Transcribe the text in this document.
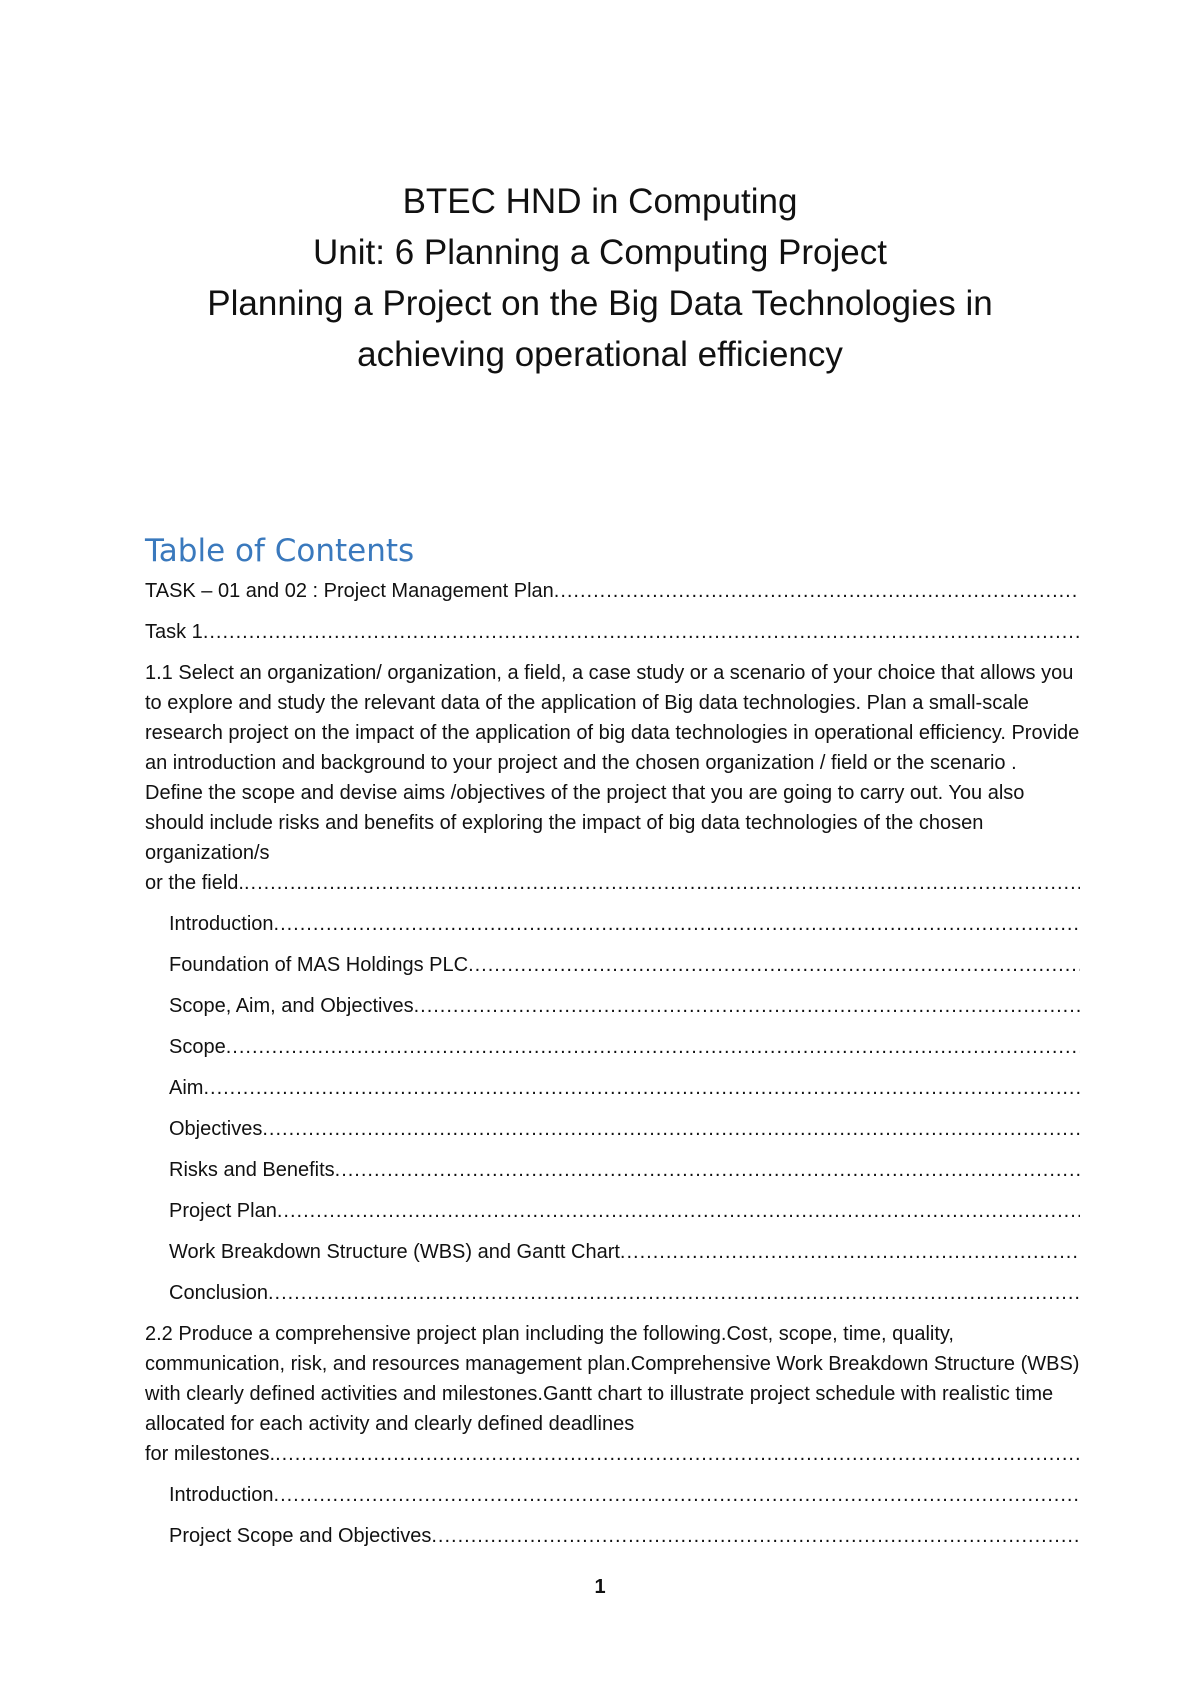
BTEC HND in Computing
Unit: 6 Planning a Computing Project
Planning a Project on the Big Data Technologies in
achieving operational efficiency
Table of Contents
TASK – 01 and 02 : Project Management Plan
.....
Task 1
.....
1.1 Select an organization/ organization, a field, a case study or a scenario of your choice that allows you to explore and study the relevant data of the application of Big data technologies. Plan a small-scale research project on the impact of the application of big data technologies in operational efficiency. Provide an introduction and background to your project and the chosen organization / field or the scenario . Define the scope and devise aims /objectives of the project that you are going to carry out. You also should include risks and benefits of exploring the impact of big data technologies of the chosen organization/s
or the field.
.....
Introduction
.....
Foundation of MAS Holdings PLC
.....
Scope, Aim, and Objectives
.....
Scope
.....
Aim
.....
Objectives
.....
Risks and Benefits
.....
Project Plan
.....
Work Breakdown Structure (WBS) and Gantt Chart
.....
Conclusion
.....
2.2 Produce a comprehensive project plan including the following.Cost, scope, time, quality, communication, risk, and resources management plan.Comprehensive Work Breakdown Structure (WBS) with clearly defined activities and milestones.Gantt chart to illustrate project schedule with realistic time allocated for each activity and clearly defined deadlines
for milestones.
.....
Introduction
.....
Project Scope and Objectives
.....
1
